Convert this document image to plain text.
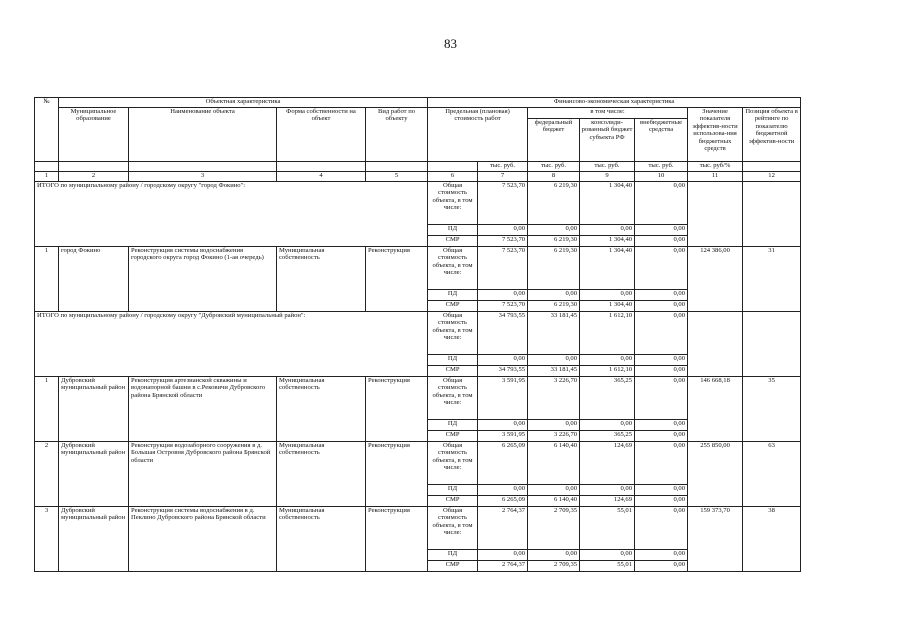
83
№	Объектная характеристика				Финансово-экономическая характеристика						
	Муниципальное образование	Наименование объекта	Форма собственности на объект	Вид работ по объекту	Предельная (плановая) стоимость работ		в том числе:			Значение показателя эффектив-ности использова-ния бюджетных средств	Позиция объекта в рейтинге по показателю бюджетной эффектив-ности
							федеральный бюджет	консолиди-рованный бюджет субъекта РФ	внебюджетные средства		
						тыс. руб.	тыс. руб.	тыс. руб.	тыс. руб.	тыс. руб/%	
1	2	3	4	5	6	7	8	9	10	11	12
ИТОГО по муниципальному району / городскому округу "город Фокино":					Общая стоимость объекта, в том числе:	7 523,70	6 219,30	1 304,40	0,00		
					ПД	0,00	0,00	0,00	0,00		
					СМР	7 523,70	6 219,30	1 304,40	0,00		
1	город Фокино	Реконструкция системы водоснабжения городского округа город Фокино (1-ая очередь)	Муниципальная собственность	Реконструкция	Общая стоимость объекта, в том числе:	7 523,70	6 219,30	1 304,40	0,00	124 386,00	31
					ПД	0,00	0,00	0,00	0,00		
					СМР	7 523,70	6 219,30	1 304,40	0,00		
ИТОГО по муниципальному району / городскому округу "Дубровский муниципальный район":					Общая стоимость объекта, в том числе:	34 793,55	33 181,45	1 612,10	0,00		
					ПД	0,00	0,00	0,00	0,00		
					СМР	34 793,55	33 181,45	1 612,10	0,00		
1	Дубровский муниципальный район	Реконструкция артезианской скважины и водонапорной башни в с.Рековичи Дубровского района Брянской области	Муниципальная собственность	Реконструкция	Общая стоимость объекта, в том числе:	3 591,95	3 226,70	365,25	0,00	146 668,18	35
					ПД	0,00	0,00	0,00	0,00		
					СМР	3 591,95	3 226,70	365,25	0,00		
2	Дубровский муниципальный район	Реконструкция водозаборного сооружения в д. Большая Островня Дубровского района Брянской области	Муниципальная собственность	Реконструкция	Общая стоимость объекта, в том числе:	6 265,09	6 140,40	124,69	0,00	255 850,00	63
					ПД	0,00	0,00	0,00	0,00		
					СМР	6 265,09	6 140,40	124,69	0,00		
3	Дубровский муниципальный район	Реконструкция системы водоснабжения в д. Пеклино Дубровского района Брянской области	Муниципальная собственность	Реконструкция	Общая стоимость объекта, в том числе:	2 764,37	2 709,35	55,01	0,00	159 373,70	38
					ПД	0,00	0,00	0,00	0,00		
					СМР	2 764,37	2 709,35	55,01	0,00		
